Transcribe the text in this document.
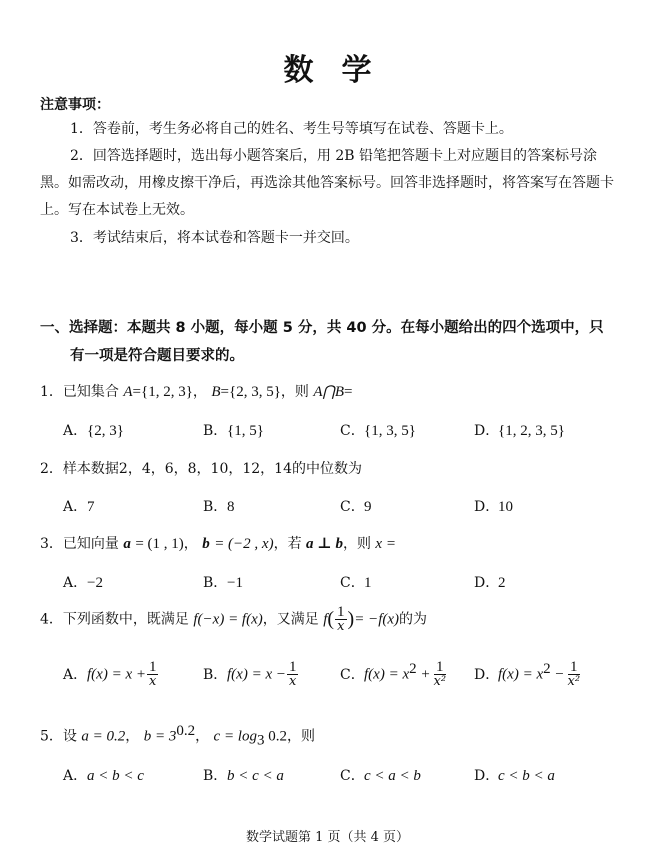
数学
注意事项：
1．答卷前，考生务必将自己的姓名、考生号等填写在试卷、答题卡上。
2．回答选择题时，选出每小题答案后，用 2B 铅笔把答题卡上对应题目的答案标号涂黑。如需改动，用橡皮擦干净后，再选涂其他答案标号。回答非选择题时，将答案写在答题卡上。写在本试卷上无效。
3．考试结束后，将本试卷和答题卡一并交回。
一、选择题：本题共 8 小题，每小题 5 分，共 40 分。在每小题给出的四个选项中，只
有一项是符合题目要求的。
1．已知集合 A={1, 2, 3}， B={2, 3, 5}，则 A⋂B=
A．{2, 3}	B．{1, 5}	C．{1, 3, 5}	D．{1, 2, 3, 5}
2．样本数据2，4，6，8，10，12，14的中位数为
A．7	B．8	C．9	D．10
3．已知向量 a = (1 , 1)， b = (−2 , x)，若 a ⊥ b，则 x =
A．−2	B．−1	C．1	D．2
4．下列函数中，既满足 f(−x) = f(x)，又满足 $f( \frac{1}{x}$ )= −f(x)的为
A．$f(x) = x + \frac{1}{x}$	B．$f(x) = x - \frac{1}{x}$	C．$f(x) = x^2 + \frac{1}{\text{x²}}$ D．$f(x) = x^2 - \frac{1}{\text{x²}}$
5．设 a = 0.2， $b = 3^{0.2}$， $c = \log_3 0.2$，则
A．a < b < c	B．b < c < a	C．c < a < b	D．c < b < a
数学试题第 1 页（共 4 页）
